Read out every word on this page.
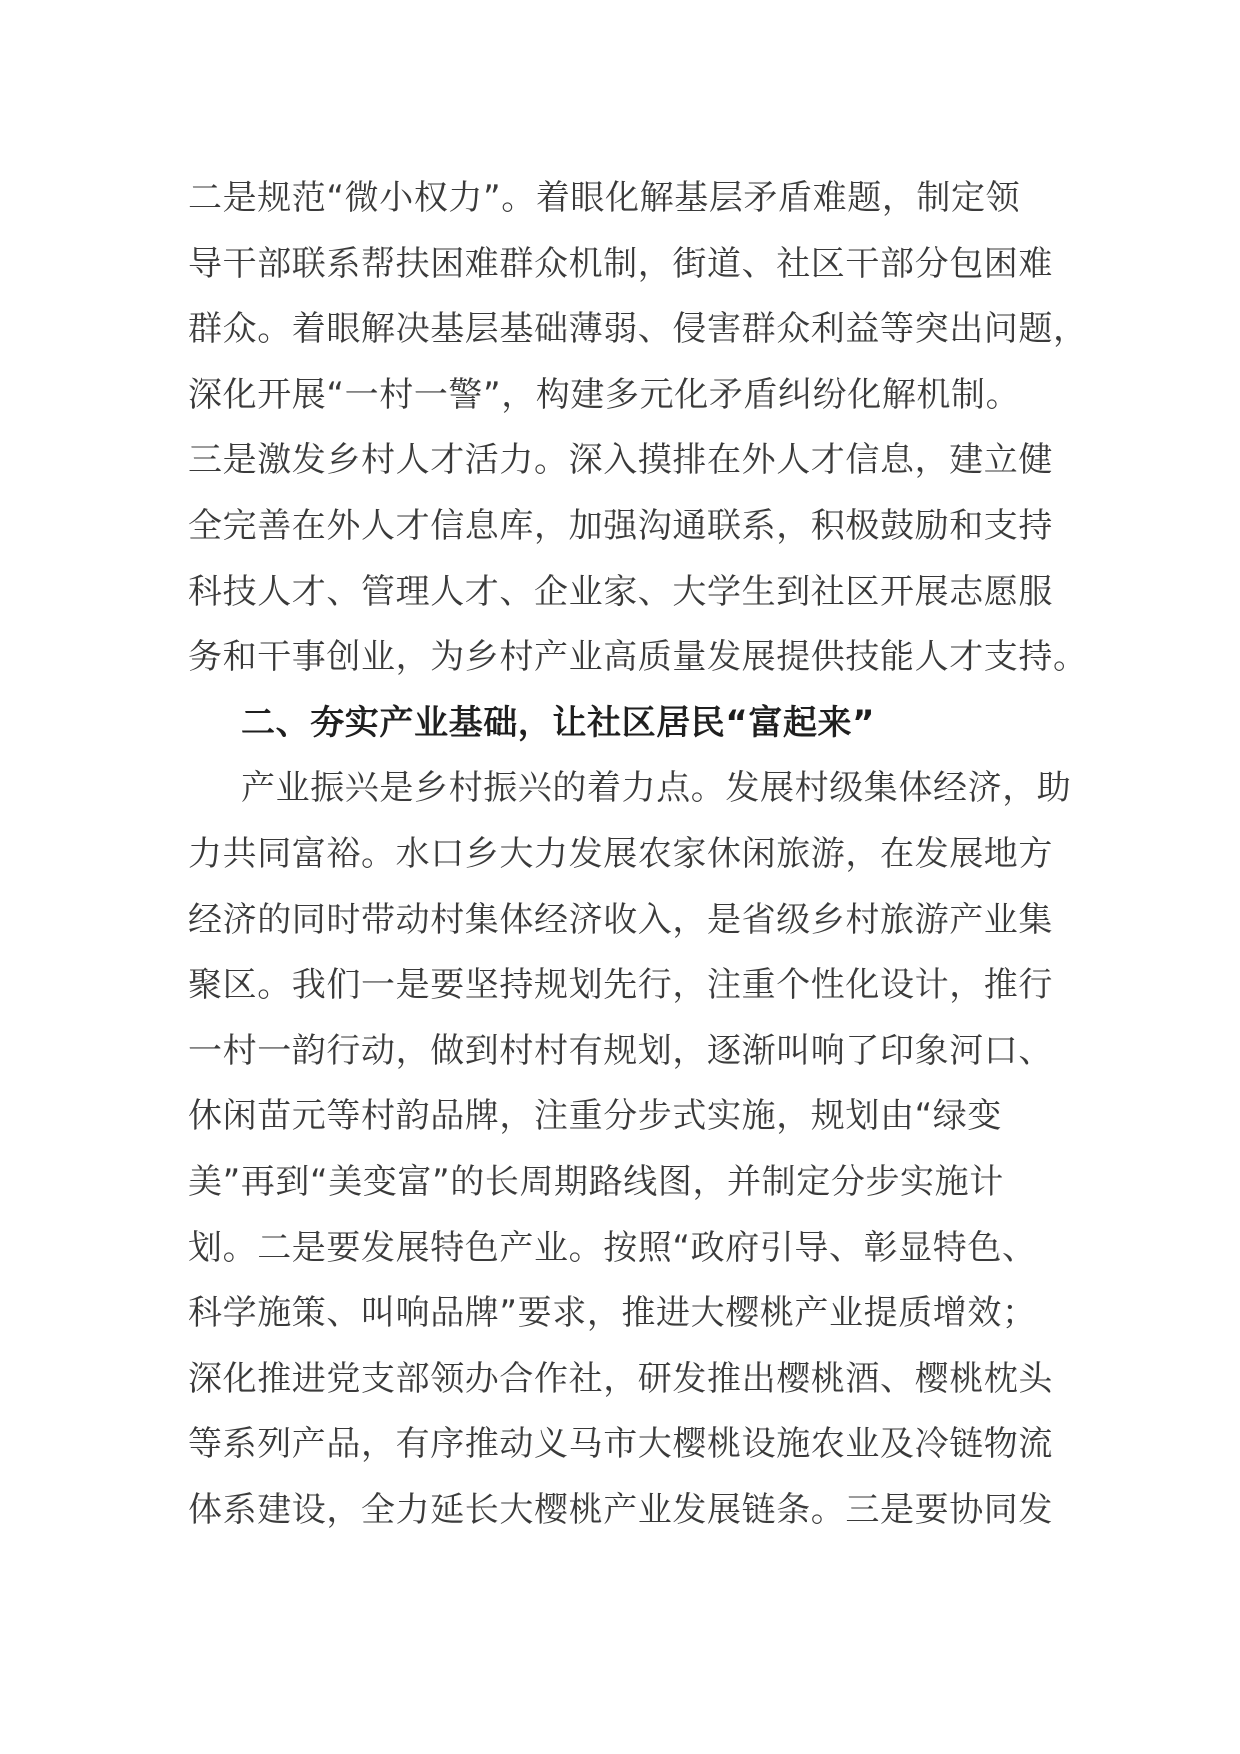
二是规范“微小权力”。着眼化解基层矛盾难题，制定领
导干部联系帮扶困难群众机制，街道、社区干部分包困难
群众。着眼解决基层基础薄弱、侵害群众利益等突出问题，
深化开展“一村一警”，构建多元化矛盾纠纷化解机制。
三是激发乡村人才活力。深入摸排在外人才信息，建立健
全完善在外人才信息库，加强沟通联系，积极鼓励和支持
科技人才、管理人才、企业家、大学生到社区开展志愿服
务和干事创业，为乡村产业高质量发展提供技能人才支持。
二、夯实产业基础，让社区居民“富起来”
产业振兴是乡村振兴的着力点。发展村级集体经济，助
力共同富裕。水口乡大力发展农家休闲旅游，在发展地方
经济的同时带动村集体经济收入，是省级乡村旅游产业集
聚区。我们一是要坚持规划先行，注重个性化设计，推行
一村一韵行动，做到村村有规划，逐渐叫响了印象河口、
休闲苗元等村韵品牌，注重分步式实施，规划由“绿变
美”再到“美变富”的长周期路线图，并制定分步实施计
划。二是要发展特色产业。按照“政府引导、彰显特色、
科学施策、叫响品牌”要求，推进大樱桃产业提质增效；
深化推进党支部领办合作社，研发推出樱桃酒、樱桃枕头
等系列产品，有序推动义马市大樱桃设施农业及冷链物流
体系建设，全力延长大樱桃产业发展链条。三是要协同发
